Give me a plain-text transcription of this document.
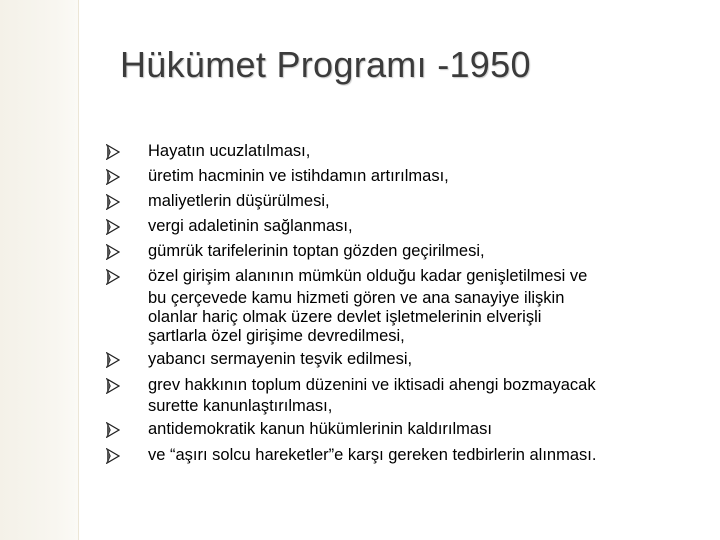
Hükümet Programı -1950
Hayatın ucuzlatılması,
üretim hacminin ve istihdamın artırılması,
maliyetlerin düşürülmesi,
vergi adaletinin sağlanması,
gümrük tarifelerinin toptan gözden geçirilmesi,
özel girişim alanının mümkün olduğu kadar genişletilmesi ve
bu çerçevede kamu hizmeti gören ve ana sanayiye ilişkin
olanlar hariç olmak üzere devlet işletmelerinin elverişli
şartlarla özel girişime devredilmesi,
yabancı sermayenin teşvik edilmesi,
grev hakkının toplum düzenini ve iktisadi ahengi bozmayacak
surette kanunlaştırılması,
antidemokratik kanun hükümlerinin kaldırılması
ve “aşırı solcu hareketler”e karşı gereken tedbirlerin alınması.
